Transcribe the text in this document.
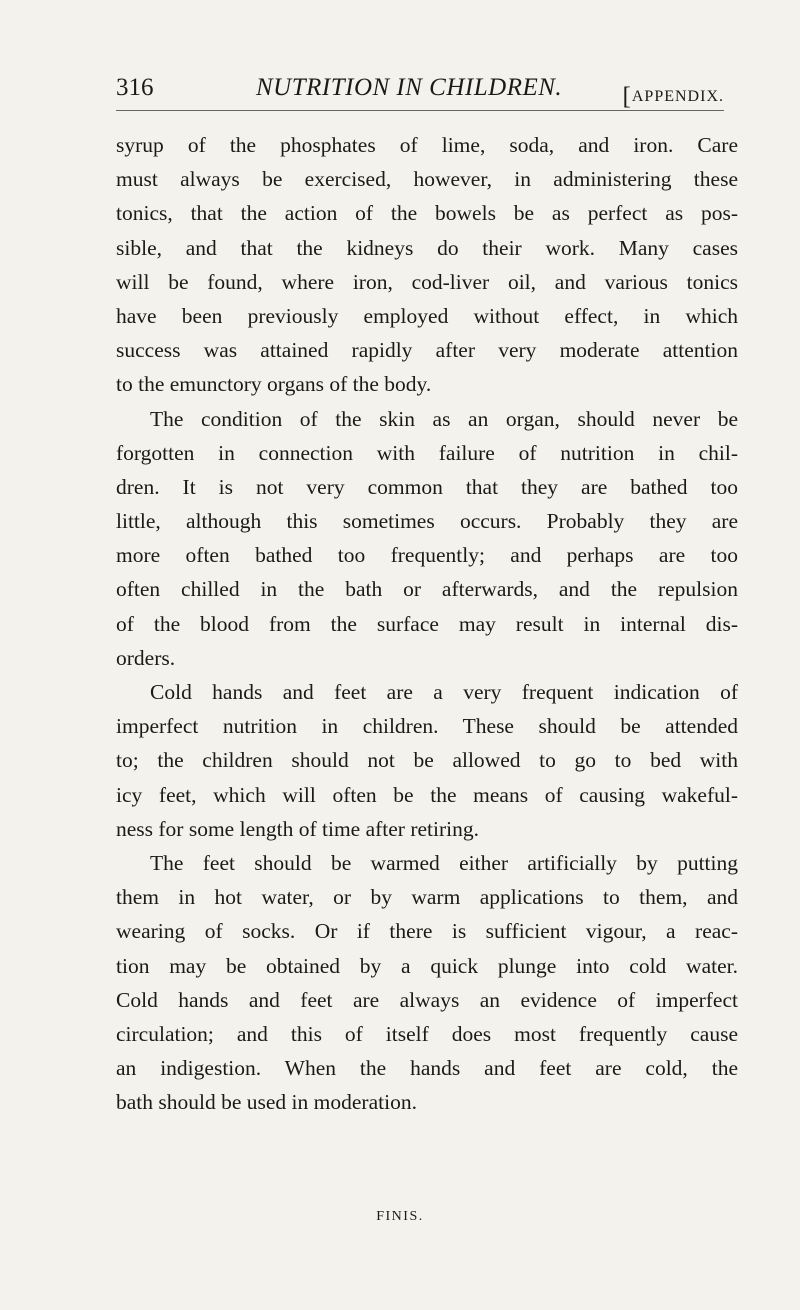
316	NUTRITION IN CHILDREN. [APPENDIX.
syrup of the phosphates of lime, soda, and iron. Care
must always be exercised, however, in administering these
tonics, that the action of the bowels be as perfect as pos-
sible, and that the kidneys do their work. Many cases
will be found, where iron, cod-liver oil, and various tonics
have been previously employed without effect, in which
success was attained rapidly after very moderate attention
to the emunctory organs of the body.
The condition of the skin as an organ, should never be
forgotten in connection with failure of nutrition in chil-
dren. It is not very common that they are bathed too
little, although this sometimes occurs. Probably they are
more often bathed too frequently; and perhaps are too
often chilled in the bath or afterwards, and the repulsion
of the blood from the surface may result in internal dis-
orders.
Cold hands and feet are a very frequent indication of
imperfect nutrition in children. These should be attended
to; the children should not be allowed to go to bed with
icy feet, which will often be the means of causing wakeful-
ness for some length of time after retiring.
The feet should be warmed either artificially by putting
them in hot water, or by warm applications to them, and
wearing of socks. Or if there is sufficient vigour, a reac-
tion may be obtained by a quick plunge into cold water.
Cold hands and feet are always an evidence of imperfect
circulation; and this of itself does most frequently cause
an indigestion. When the hands and feet are cold, the
bath should be used in moderation.
FINIS.
